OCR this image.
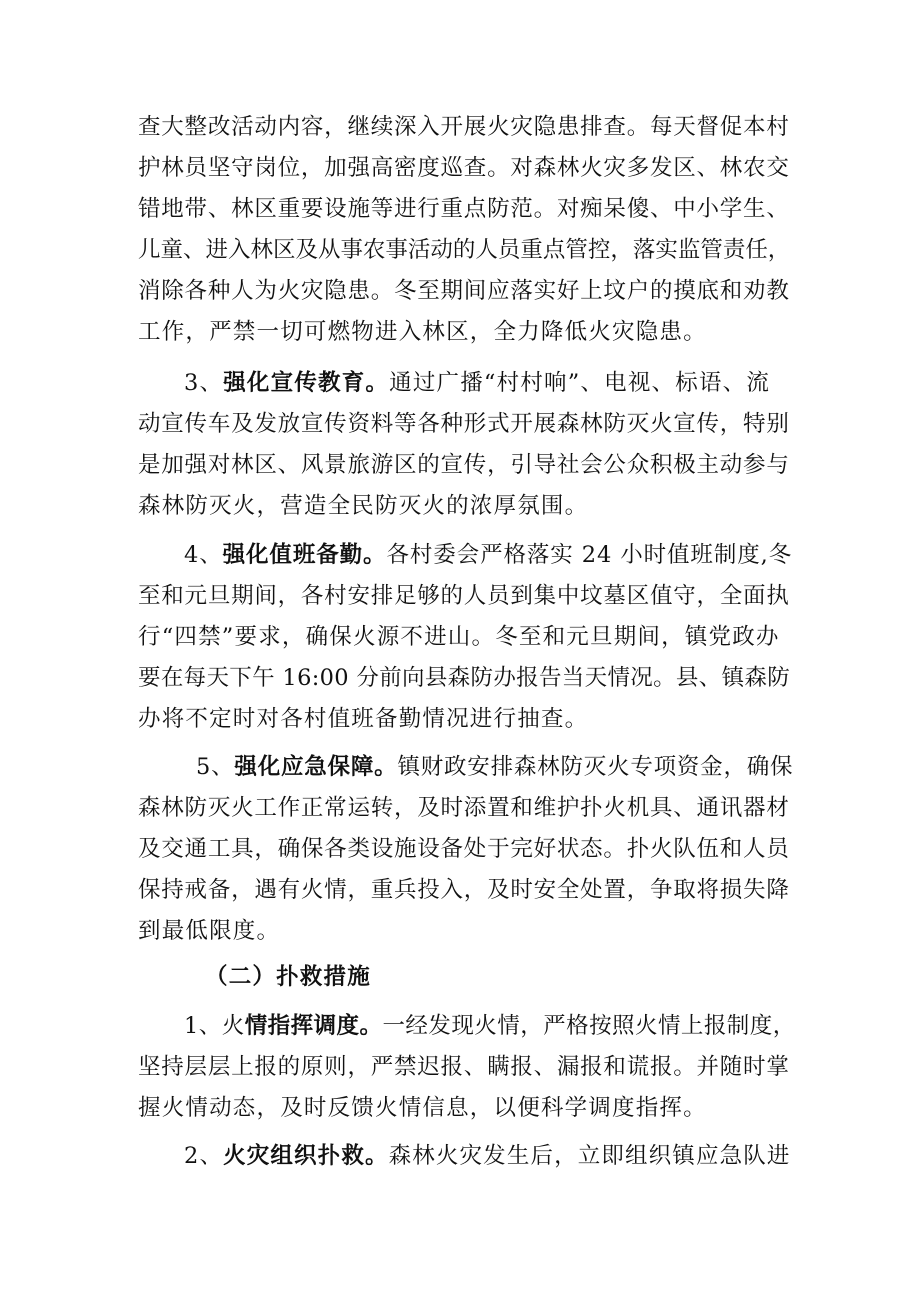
查大整改活动内容，继续深入开展火灾隐患排查。每天督促本村
护林员坚守岗位，加强高密度巡查。对森林火灾多发区、林农交
错地带、林区重要设施等进行重点防范。对痴呆傻、中小学生、
儿童、进入林区及从事农事活动的人员重点管控，落实监管责任，
消除各种人为火灾隐患。冬至期间应落实好上坟户的摸底和劝教
工作，严禁一切可燃物进入林区，全力降低火灾隐患。
3、强化宣传教育。通过广播“村村响”、电视、标语、流
动宣传车及发放宣传资料等各种形式开展森林防灭火宣传，特别
是加强对林区、风景旅游区的宣传，引导社会公众积极主动参与
森林防灭火，营造全民防灭火的浓厚氛围。
4、强化值班备勤。各村委会严格落实 24 小时值班制度,冬
至和元旦期间，各村安排足够的人员到集中坟墓区值守，全面执
行“四禁”要求，确保火源不进山。冬至和元旦期间，镇党政办
要在每天下午 16:00 分前向县森防办报告当天情况。县、镇森防
办将不定时对各村值班备勤情况进行抽查。
5、强化应急保障。镇财政安排森林防灭火专项资金，确保
森林防灭火工作正常运转，及时添置和维护扑火机具、通讯器材
及交通工具，确保各类设施设备处于完好状态。扑火队伍和人员
保持戒备，遇有火情，重兵投入，及时安全处置，争取将损失降
到最低限度。
（二）扑救措施
1、火情指挥调度。一经发现火情，严格按照火情上报制度，
坚持层层上报的原则，严禁迟报、瞒报、漏报和谎报。并随时掌
握火情动态，及时反馈火情信息，以便科学调度指挥。
2、火灾组织扑救。森林火灾发生后，立即组织镇应急队进
